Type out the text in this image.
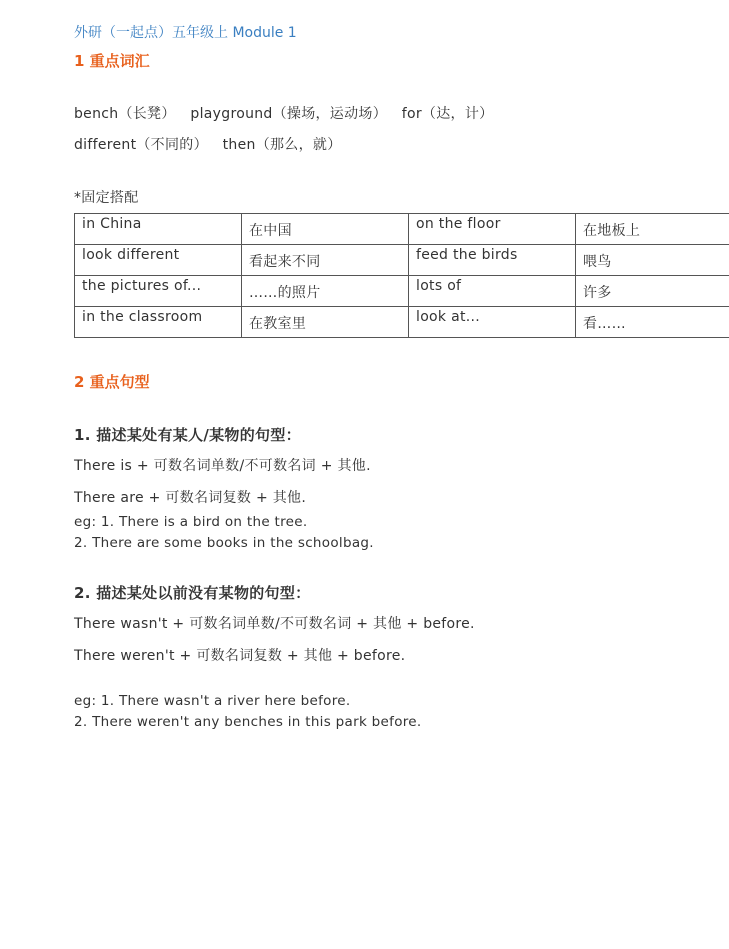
外研（一起点）五年级上 Module 1
1 重点词汇
bench（长凳） playground（操场，运动场） for（达，计）
different（不同的） then（那么，就）
*固定搭配
in China	在中国	on the floor	在地板上
look different	看起来不同	feed the birds	喂鸟
the pictures of...	……的照片	lots of	许多
in the classroom	在教室里	look at...	看……
2 重点句型
1. 描述某处有某人/某物的句型：
There is + 可数名词单数/不可数名词 + 其他.
There are + 可数名词复数 + 其他.
eg: 1. There is a bird on the tree.
2. There are some books in the schoolbag.
2. 描述某处以前没有某物的句型：
There wasn't + 可数名词单数/不可数名词 + 其他 + before.
There weren't + 可数名词复数 + 其他 + before.
eg: 1. There wasn't a river here before.
2. There weren't any benches in this park before.
